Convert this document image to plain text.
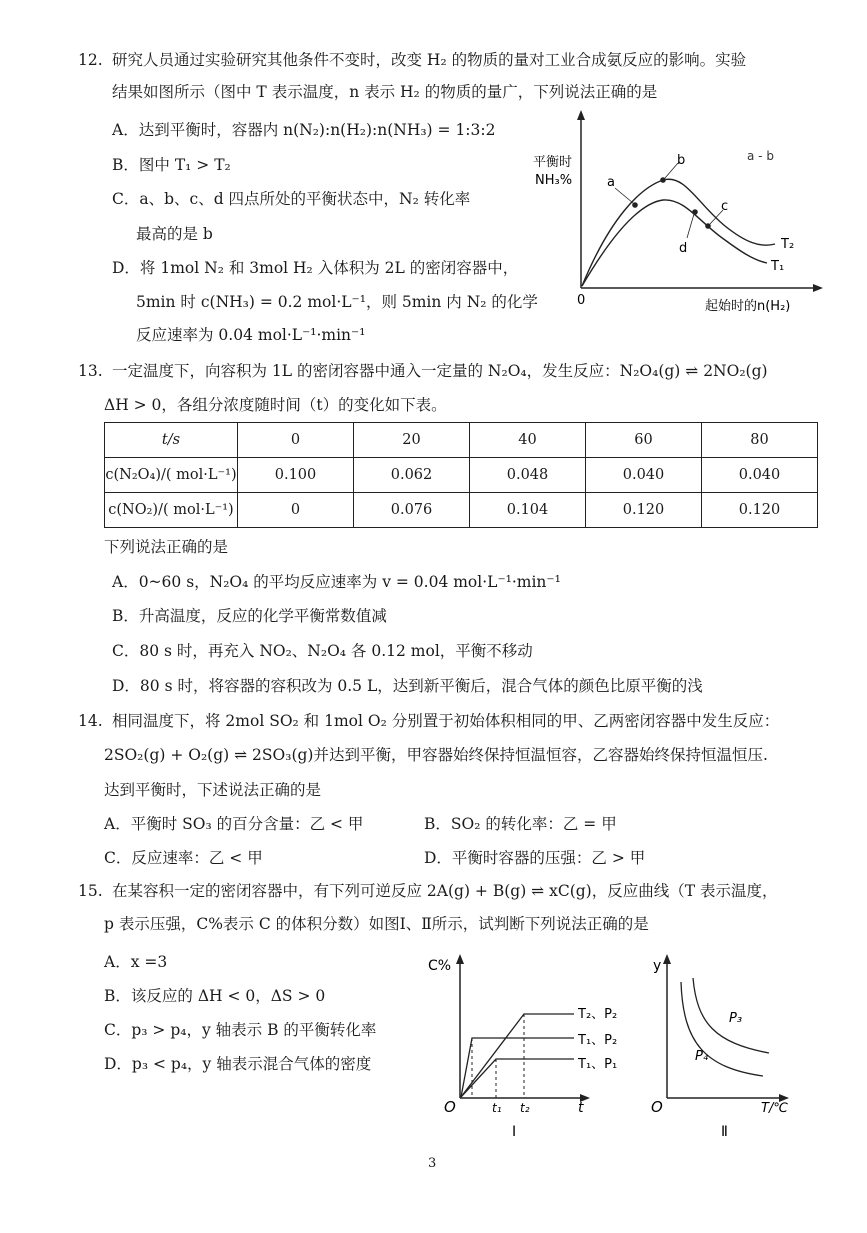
12. 研究人员通过实验研究其他条件不变时，改变 H₂ 的物质的量对工业合成氨反应的影响。实验
结果如图所示（图中 T 表示温度，n 表示 H₂ 的物质的量广，下列说法正确的是
A．达到平衡时，容器内 n(N₂):n(H₂):n(NH₃) = 1:3:2
B．图中 T₁ > T₂
C．a、b、c、d 四点所处的平衡状态中，N₂ 转化率
最高的是 b
D．将 1mol N₂ 和 3mol H₂ 入体积为 2L 的密闭容器中，
5min 时 c(NH₃) = 0.2 mol·L⁻¹，则 5min 内 N₂ 的化学
反应速率为 0.04 mol·L⁻¹·min⁻¹
平衡时
NH₃%
0	起始时的n(H₂)
a
b
c
d	T₂
T₁
a - b
13. 一定温度下，向容积为 1L 的密闭容器中通入一定量的 N₂O₄，发生反应：N₂O₄(g) ⇌ 2NO₂(g)
ΔH > 0，各组分浓度随时间（t）的变化如下表。
t/s	0	20	40	60	80
c(N₂O₄)/( mol·L⁻¹)	0.100	0.062	0.048	0.040	0.040
c(NO₂)/( mol·L⁻¹)	0	0.076	0.104	0.120	0.120
下列说法正确的是
A．0~60 s，N₂O₄ 的平均反应速率为 v = 0.04 mol·L⁻¹·min⁻¹
B．升高温度，反应的化学平衡常数值减
C．80 s 时，再充入 NO₂、N₂O₄ 各 0.12 mol，平衡不移动
D．80 s 时，将容器的容积改为 0.5 L，达到新平衡后，混合气体的颜色比原平衡的浅
14. 相同温度下，将 2mol SO₂ 和 1mol O₂ 分别置于初始体积相同的甲、乙两密闭容器中发生反应：
2SO₂(g) + O₂(g) ⇌ 2SO₃(g)并达到平衡，甲容器始终保持恒温恒容，乙容器始终保持恒温恒压.
达到平衡时，下述说法正确的是
A．平衡时 SO₃ 的百分含量：乙 < 甲	B．SO₂ 的转化率：乙 = 甲
C．反应速率：乙 < 甲	D．平衡时容器的压强：乙 > 甲
15. 在某容积一定的密闭容器中，有下列可逆反应 2A(g) + B(g) ⇌ xC(g)，反应曲线（T 表示温度，
p 表示压强，C%表示 C 的体积分数）如图Ⅰ、Ⅱ所示，试判断下列说法正确的是
A．x =3
B．该反应的 ΔH < 0，ΔS > 0
C．p₃ > p₄，y 轴表示 B 的平衡转化率
D．p₃ < p₄，y 轴表示混合气体的密度
C%
O	t
T₂、P₂
T₁、P₂
T₁、P₁
t₁ t₂
Ⅰ
y
O	T/℃
P₃
P₄
Ⅱ
3
